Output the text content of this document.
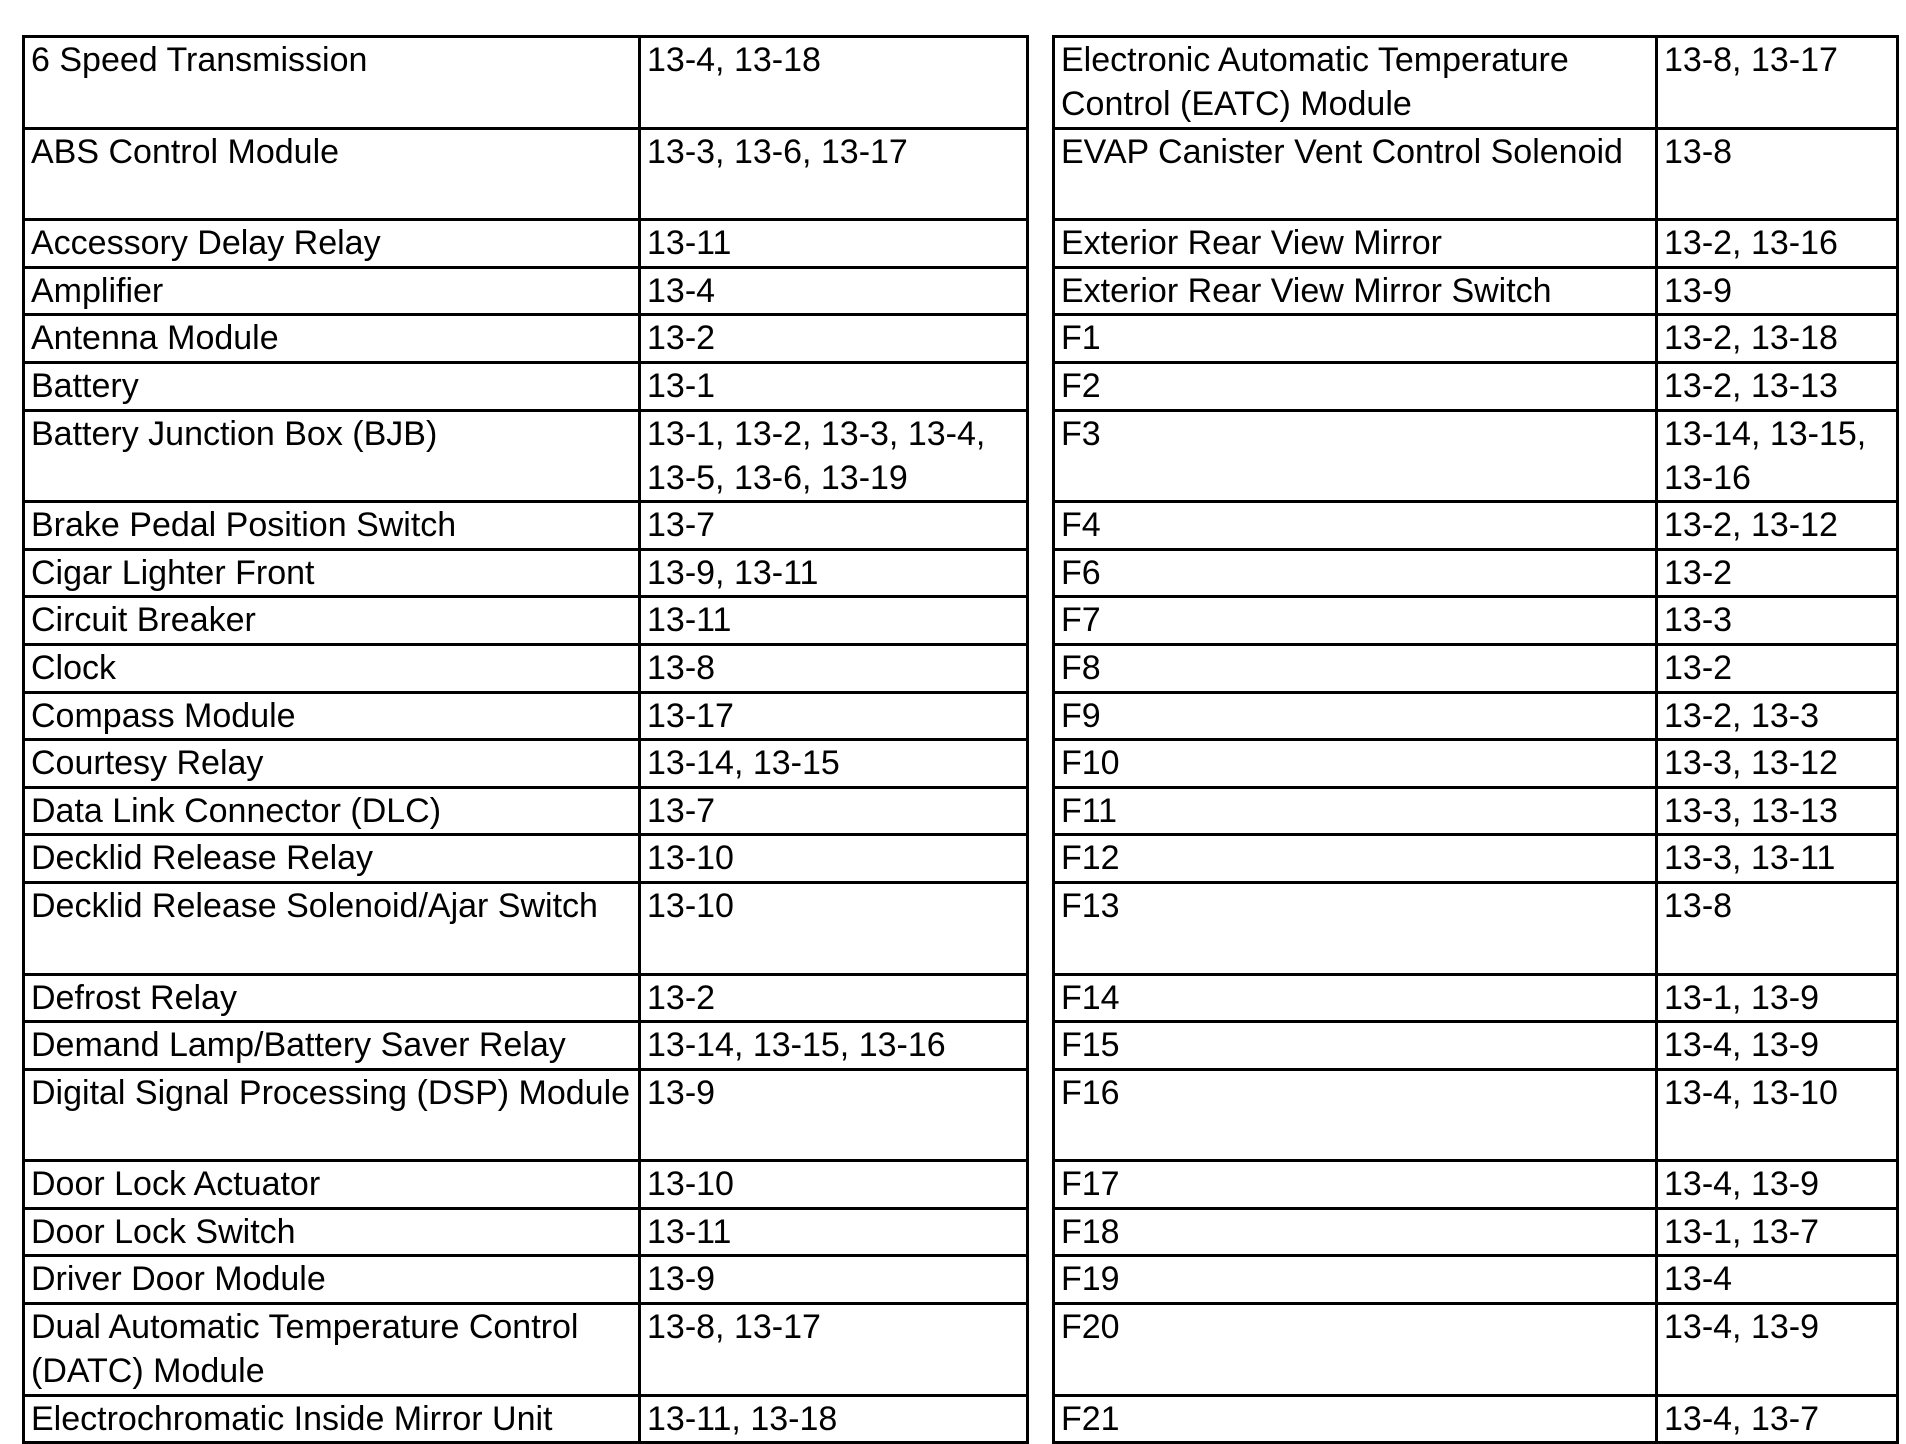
6 Speed Transmission	13-4, 13-18
ABS Control Module	13-3, 13-6, 13-17
Accessory Delay Relay	13-11
Amplifier	13-4
Antenna Module	13-2
Battery	13-1
Battery Junction Box (BJB)	13-1, 13-2, 13-3, 13-4, 13-5, 13-6, 13-19
Brake Pedal Position Switch	13-7
Cigar Lighter Front	13-9, 13-11
Circuit Breaker	13-11
Clock	13-8
Compass Module	13-17
Courtesy Relay	13-14, 13-15
Data Link Connector (DLC)	13-7
Decklid Release Relay	13-10
Decklid Release Solenoid/Ajar Switch	13-10
Defrost Relay	13-2
Demand Lamp/Battery Saver Relay	13-14, 13-15, 13-16
Digital Signal Processing (DSP) Module	13-9
Door Lock Actuator	13-10
Door Lock Switch	13-11
Driver Door Module	13-9
Dual Automatic Temperature Control (DATC) Module	13-8, 13-17
Electrochromatic Inside Mirror Unit	13-11, 13-18
Electronic Automatic Temperature Control (EATC) Module	13-8, 13-17
EVAP Canister Vent Control Solenoid	13-8
Exterior Rear View Mirror	13-2, 13-16
Exterior Rear View Mirror Switch	13-9
F1	13-2, 13-18
F2	13-2, 13-13
F3	13-14, 13-15, 13-16
F4	13-2, 13-12
F6	13-2
F7	13-3
F8	13-2
F9	13-2, 13-3
F10	13-3, 13-12
F11	13-3, 13-13
F12	13-3, 13-11
F13	13-8
F14	13-1, 13-9
F15	13-4, 13-9
F16	13-4, 13-10
F17	13-4, 13-9
F18	13-1, 13-7
F19	13-4
F20	13-4, 13-9
F21	13-4, 13-7
